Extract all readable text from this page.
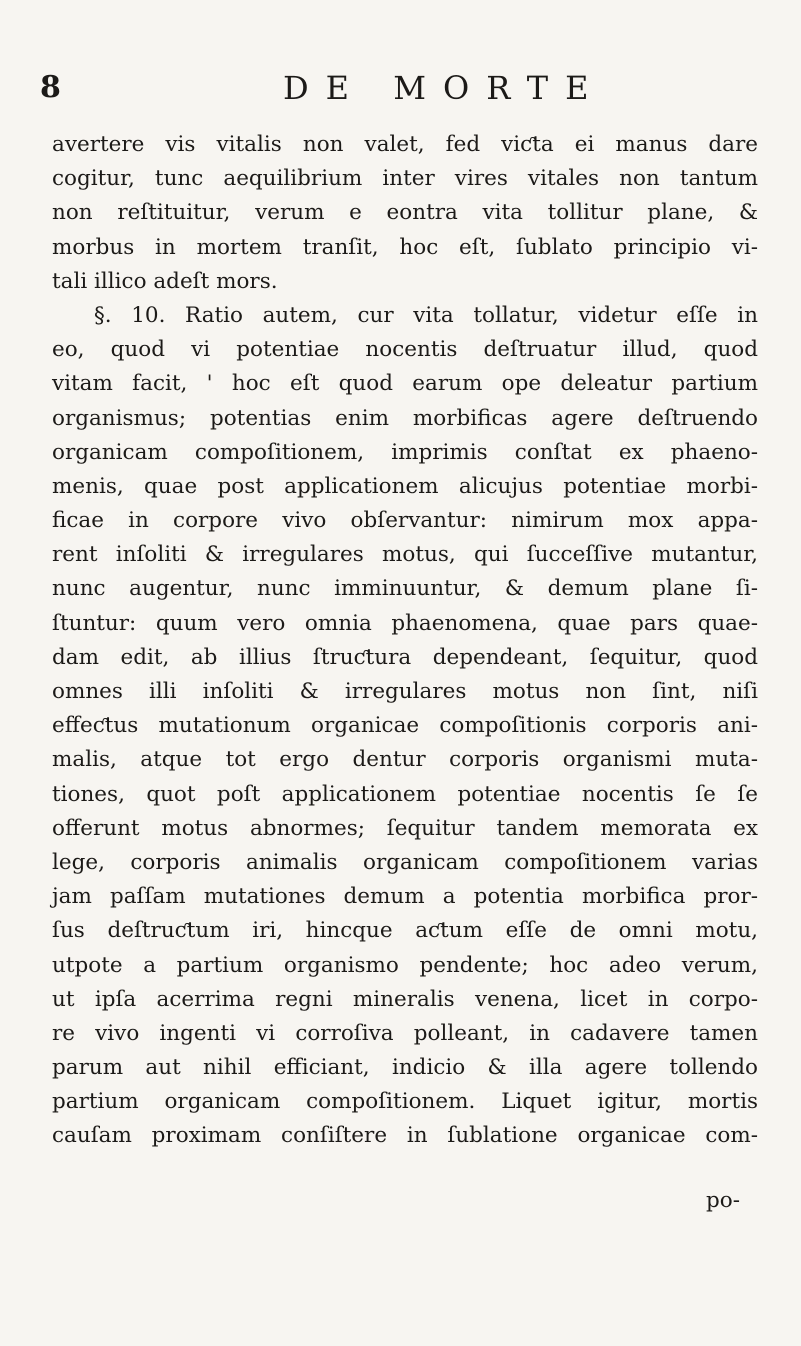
8	DE MORTE
avertere vis vitalis non valet, fed viƈta ei manus dare
cogitur, tunc aequilibrium inter vires vitales non tantum
non reſtituitur, verum e eontra vita tollitur plane, &
morbus in mortem tranſit, hoc eſt, ſublato principio vi-
tali illico adeſt mors.
§. 10. Ratio autem, cur vita tollatur, videtur eſſe in
eo, quod vi potentiae nocentis deſtruatur illud, quod
vitam facit, ' hoc eſt quod earum ope deleatur partium
organismus; potentias enim morbificas agere deſtruendo
organicam compoſitionem, imprimis conſtat ex phaeno-
menis, quae post applicationem alicujus potentiae morbi-
ficae in corpore vivo obſervantur: nimirum mox appa-
rent inſoliti & irregulares motus, qui ſucceſſive mutantur,
nunc augentur, nunc imminuuntur, & demum plane ſi-
ſtuntur: quum vero omnia phaenomena, quae pars quae-
dam edit, ab illius ſtruƈtura dependeant, ſequitur, quod
omnes illi inſoliti & irregulares motus non ſint, niſi
effeƈtus mutationum organicae compoſitionis corporis ani-
malis, atque tot ergo dentur corporis organismi muta-
tiones, quot poſt applicationem potentiae nocentis ſe ſe
offerunt motus abnormes; ſequitur tandem memorata ex
lege, corporis animalis organicam compoſitionem varias
jam paſſam mutationes demum a potentia morbifica pror-
ſus deſtruƈtum iri, hincque aƈtum eſſe de omni motu,
utpote a partium organismo pendente; hoc adeo verum,
ut ipſa acerrima regni mineralis venena, licet in corpo-
re vivo ingenti vi corroſiva polleant, in cadavere tamen
parum aut nihil efficiant, indicio & illa agere tollendo
partium organicam compoſitionem. Liquet igitur, mortis
cauſam proximam conſiſtere in ſublatione organicae com-
po-
